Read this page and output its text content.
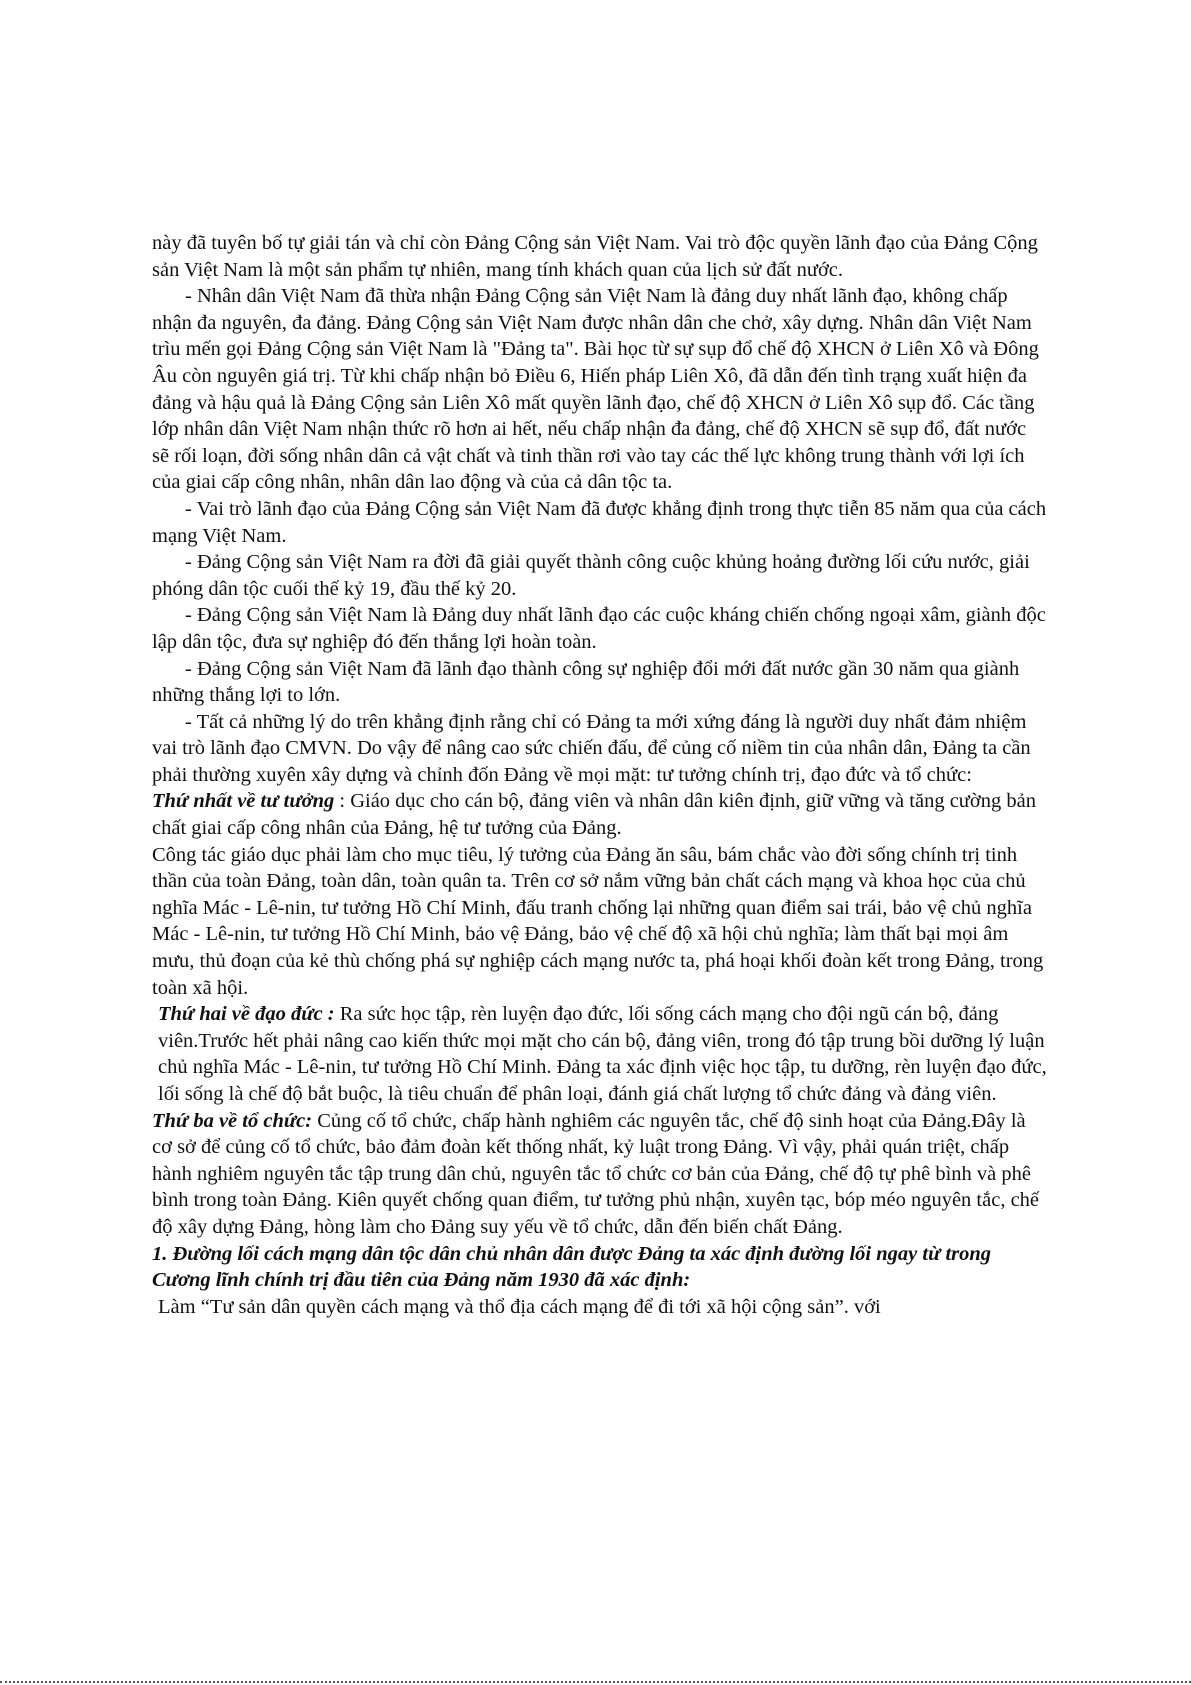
này đã tuyên bố tự giải tán và chỉ còn Đảng Cộng sản Việt Nam. Vai trò độc quyền lãnh đạo của Đảng Cộng sản Việt Nam là một sản phẩm tự nhiên, mang tính khách quan của lịch sử đất nước.

- Nhân dân Việt Nam đã thừa nhận Đảng Cộng sản Việt Nam là đảng duy nhất lãnh đạo, không chấp nhận đa nguyên, đa đảng. Đảng Cộng sản Việt Nam được nhân dân che chở, xây dựng. Nhân dân Việt Nam trìu mến gọi Đảng Cộng sản Việt Nam là "Đảng ta". Bài học từ sự sụp đổ chế độ XHCN ở Liên Xô và Đông Âu còn nguyên giá trị. Từ khi chấp nhận bỏ Điều 6, Hiến pháp Liên Xô, đã dẫn đến tình trạng xuất hiện đa đảng và hậu quả là Đảng Cộng sản Liên Xô mất quyền lãnh đạo, chế độ XHCN ở Liên Xô sụp đổ. Các tầng lớp nhân dân Việt Nam nhận thức rõ hơn ai hết, nếu chấp nhận đa đảng, chế độ XHCN sẽ sụp đổ, đất nước sẽ rối loạn, đời sống nhân dân cả vật chất và tinh thần rơi vào tay các thế lực không trung thành với lợi ích của giai cấp công nhân, nhân dân lao động và của cả dân tộc ta.

- Vai trò lãnh đạo của Đảng Cộng sản Việt Nam đã được khẳng định trong thực tiễn 85 năm qua của cách mạng Việt Nam.

- Đảng Cộng sản Việt Nam ra đời đã giải quyết thành công cuộc khủng hoảng đường lối cứu nước, giải phóng dân tộc cuối thế kỷ 19, đầu thế kỷ 20.

- Đảng Cộng sản Việt Nam là Đảng duy nhất lãnh đạo các cuộc kháng chiến chống ngoại xâm, giành độc lập dân tộc, đưa sự nghiệp đó đến thắng lợi hoàn toàn.

- Đảng Cộng sản Việt Nam đã lãnh đạo thành công sự nghiệp đổi mới đất nước gần 30 năm qua giành những thắng lợi to lớn.

- Tất cả những lý do trên khẳng định rằng chỉ có Đảng ta mới xứng đáng là người duy nhất đảm nhiệm vai trò lãnh đạo CMVN. Do vậy để nâng cao sức chiến đấu, để củng cố niềm tin của nhân dân, Đảng ta cần phải thường xuyên xây dựng và chỉnh đốn Đảng về mọi mặt: tư tưởng chính trị, đạo đức và tổ chức:

Thứ nhất về tư tưởng : Giáo dục cho cán bộ, đảng viên và nhân dân kiên định, giữ vững và tăng cường bản chất giai cấp công nhân của Đảng, hệ tư tưởng của Đảng.

Công tác giáo dục phải làm cho mục tiêu, lý tưởng của Đảng ăn sâu, bám chắc vào đời sống chính trị tinh thần của toàn Đảng, toàn dân, toàn quân ta. Trên cơ sở nắm vững bản chất cách mạng và khoa học của chủ nghĩa Mác - Lê-nin, tư tưởng Hồ Chí Minh, đấu tranh chống lại những quan điểm sai trái, bảo vệ chủ nghĩa Mác - Lê-nin, tư tưởng Hồ Chí Minh, bảo vệ Đảng, bảo vệ chế độ xã hội chủ nghĩa; làm thất bại mọi âm mưu, thủ đoạn của kẻ thù chống phá sự nghiệp cách mạng nước ta, phá hoại khối đoàn kết trong Đảng, trong toàn xã hội.

Thứ hai về đạo đức : Ra sức học tập, rèn luyện đạo đức, lối sống cách mạng cho đội ngũ cán bộ, đảng viên.Trước hết phải nâng cao kiến thức mọi mặt cho cán bộ, đảng viên, trong đó tập trung bồi dưỡng lý luận chủ nghĩa Mác - Lê-nin, tư tưởng Hồ Chí Minh. Đảng ta xác định việc học tập, tu dưỡng, rèn luyện đạo đức, lối sống là chế độ bắt buộc, là tiêu chuẩn để phân loại, đánh giá chất lượng tổ chức đảng và đảng viên.

Thứ ba về tổ chức: Củng cố tổ chức, chấp hành nghiêm các nguyên tắc, chế độ sinh hoạt của Đảng.Đây là cơ sở để củng cố tổ chức, bảo đảm đoàn kết thống nhất, kỷ luật trong Đảng. Vì vậy, phải quán triệt, chấp hành nghiêm nguyên tắc tập trung dân chủ, nguyên tắc tổ chức cơ bản của Đảng, chế độ tự phê bình và phê bình trong toàn Đảng. Kiên quyết chống quan điểm, tư tưởng phủ nhận, xuyên tạc, bóp méo nguyên tắc, chế độ xây dựng Đảng, hòng làm cho Đảng suy yếu về tổ chức, dẫn đến biến chất Đảng.

1. Đường lối cách mạng dân tộc dân chủ nhân dân được Đảng ta xác định đường lối ngay từ trong Cương lĩnh chính trị đầu tiên của Đảng năm 1930 đã xác định:

Làm “Tư sản dân quyền cách mạng và thổ địa cách mạng để đi tới xã hội cộng sản”. với
